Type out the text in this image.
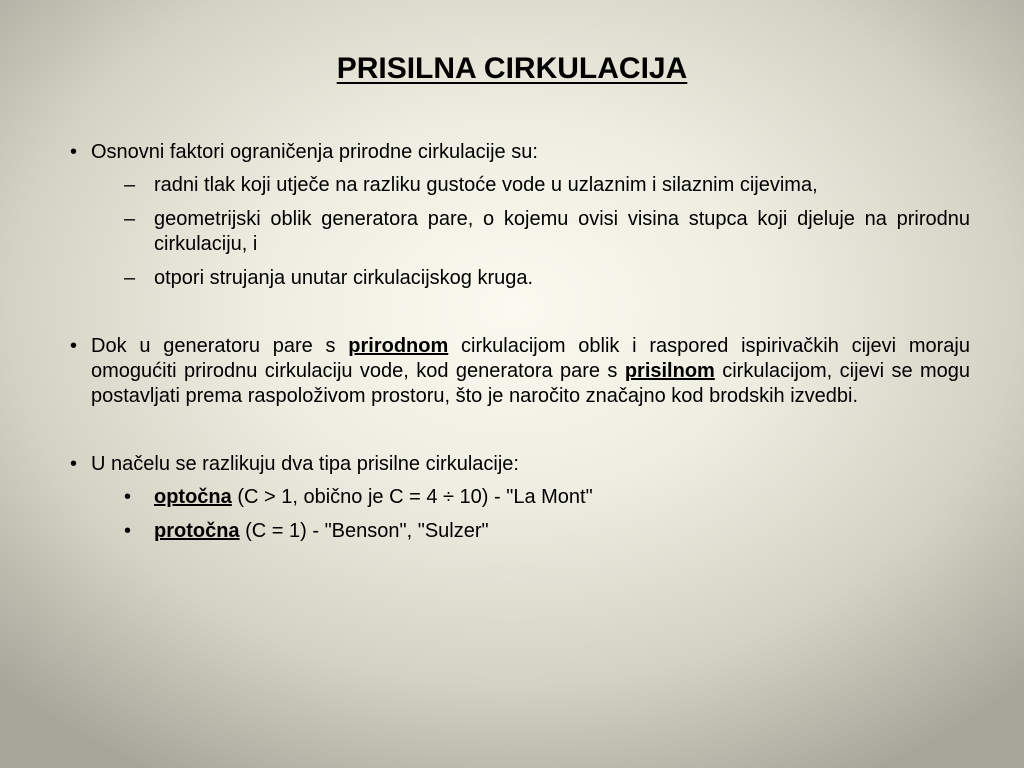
PRISILNA CIRKULACIJA
• Osnovni faktori ograničenja prirodne cirkulacije su:
– radni tlak koji utječe na razliku gustoće vode u uzlaznim i silaznim cijevima,
– geometrijski oblik generatora pare, o kojemu ovisi visina stupca koji djeluje na prirodnu cirkulaciju, i
– otpori strujanja unutar cirkulacijskog kruga.
• Dok u generatoru pare s prirodnom cirkulacijom oblik i raspored ispirivačkih cijevi moraju omogućiti prirodnu cirkulaciju vode, kod generatora pare s prisilnom cirkulacijom, cijevi se mogu postavljati prema raspoloživom prostoru, što je naročito značajno kod brodskih izvedbi.
• U načelu se razlikuju dva tipa prisilne cirkulacije:
• optočna (C > 1, obično je C = 4 ÷ 10) - "La Mont"
• protočna (C = 1) - "Benson", "Sulzer"
